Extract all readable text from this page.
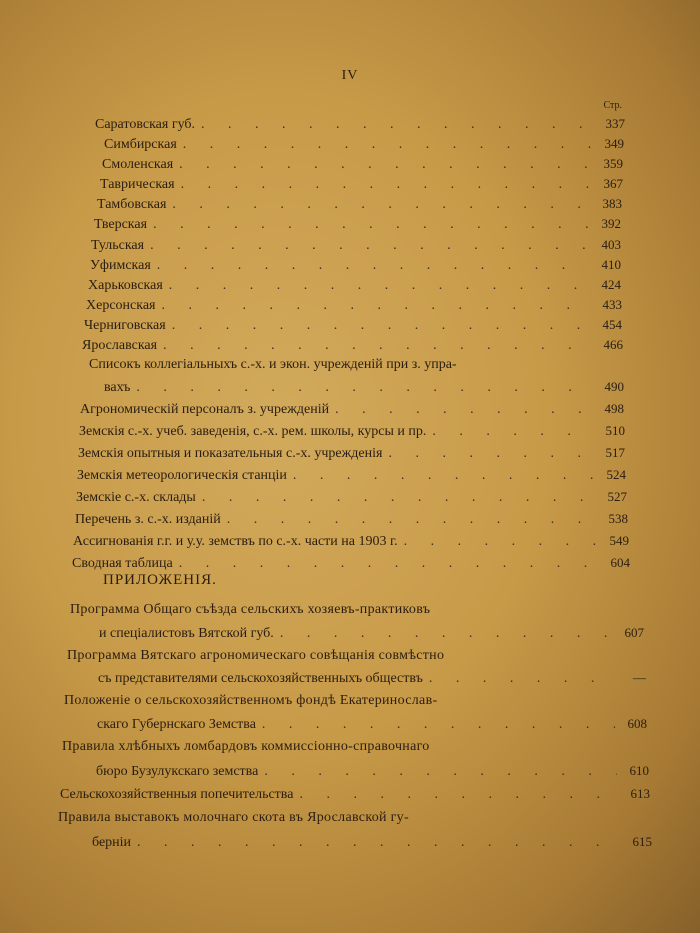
IV
Стр.
Саратовская губ. . . .	337
Симбирская . . .	349
Смоленская . . .	359
Таврическая . . .	367
Тамбовская . . .	383
Тверская . . .	392
Тульская . . .	403
Уфимская . . .	410
Харьковская . . .	424
Херсонская . . .	433
Черниговская . . .	454
Ярославская . . .	466
Списокъ коллегіальныхъ с.-х. и экон. учрежденій при з. упра-
вахъ . . .	490
Агрономическій персоналъ з. учрежденій . . .	498
Земскія с.-х. учеб. заведенія, с.-х. рем. школы, курсы и пр. . . .	510
Земскія опытныя и показательныя с.-х. учрежденія . . .	517
Земскія метеорологическія станціи . . .	524
Земскіе с.-х. склады . . .	527
Перечень з. с.-х. изданій . . .	538
Ассигнованія г.г. и у.у. земствъ по с.-х. части на 1903 г. . . .	549
Сводная таблица . . .	604
ПРИЛОЖЕНІЯ.
Программа Общаго съѣзда сельскихъ хозяевъ-практиковъ
и спеціалистовъ Вятской губ. . . .	607
Программа Вятскаго агрономическаго совѣщанія совмѣстно
съ представителями сельскохозяйственныхъ обществъ . . .	—
Положеніе о сельскохозяйственномъ фондѣ Екатеринослав-
скаго Губернскаго Земства . . .	608
Правила хлѣбныхъ ломбардовъ коммиссіонно-справочнаго
бюро Бузулукскаго земства . . .	610
Сельскохозяйственныя попечительства . . .	613
Правила выставокъ молочнаго скота въ Ярославской гу-
берніи . . .	615
